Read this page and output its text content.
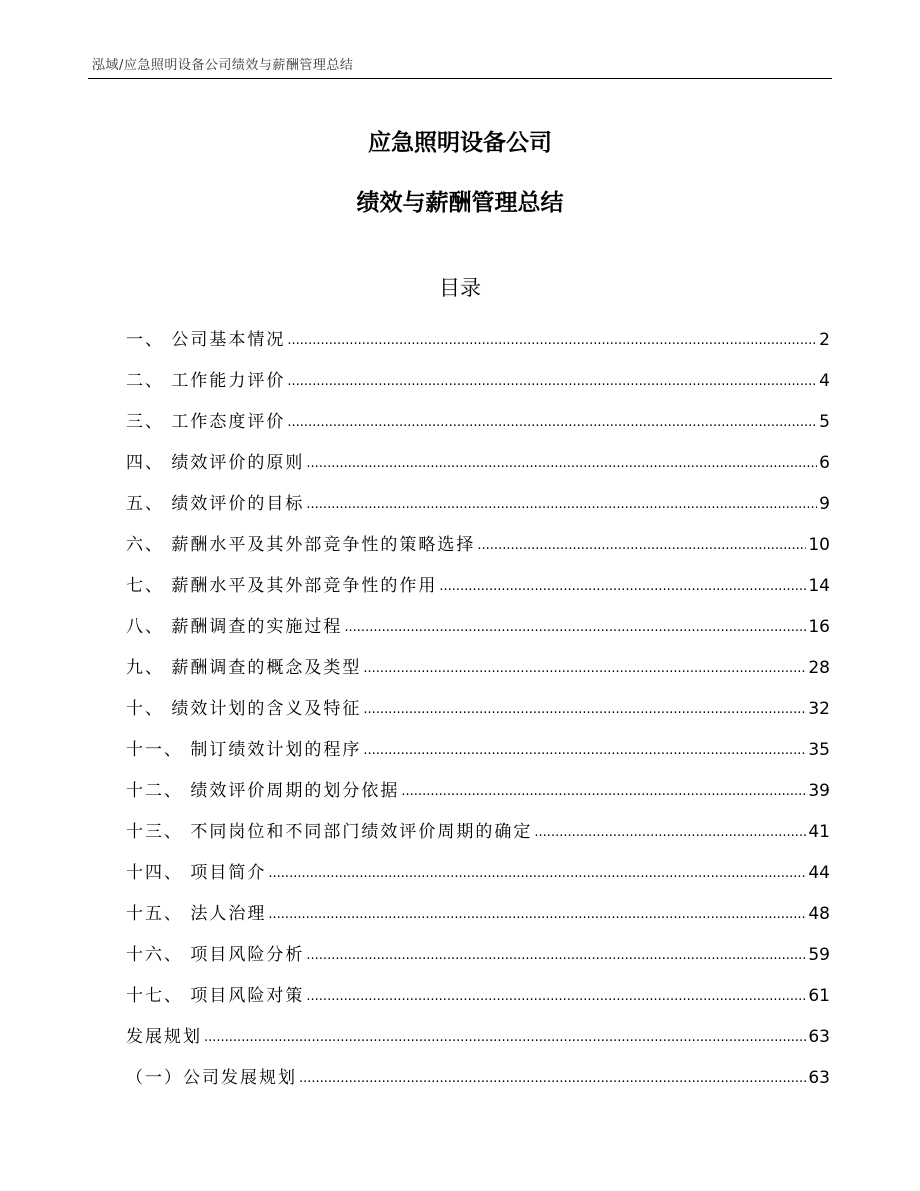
泓域/应急照明设备公司绩效与薪酬管理总结
应急照明设备公司
绩效与薪酬管理总结
目录
一、 公司基本情况 .....	2
二、 工作能力评价 .....	4
三、 工作态度评价 .....	5
四、 绩效评价的原则 .....	6
五、 绩效评价的目标 .....	9
六、 薪酬水平及其外部竞争性的策略选择 .....	10
七、 薪酬水平及其外部竞争性的作用 .....	14
八、 薪酬调查的实施过程 .....	16
九、 薪酬调查的概念及类型 .....	28
十、 绩效计划的含义及特征 .....	32
十一、 制订绩效计划的程序 .....	35
十二、 绩效评价周期的划分依据 .....	39
十三、 不同岗位和不同部门绩效评价周期的确定 .....	41
十四、 项目简介 .....	44
十五、 法人治理 .....	48
十六、 项目风险分析 .....	59
十七、 项目风险对策 .....	61
发展规划 .....	63
（一）公司发展规划 .....	63
